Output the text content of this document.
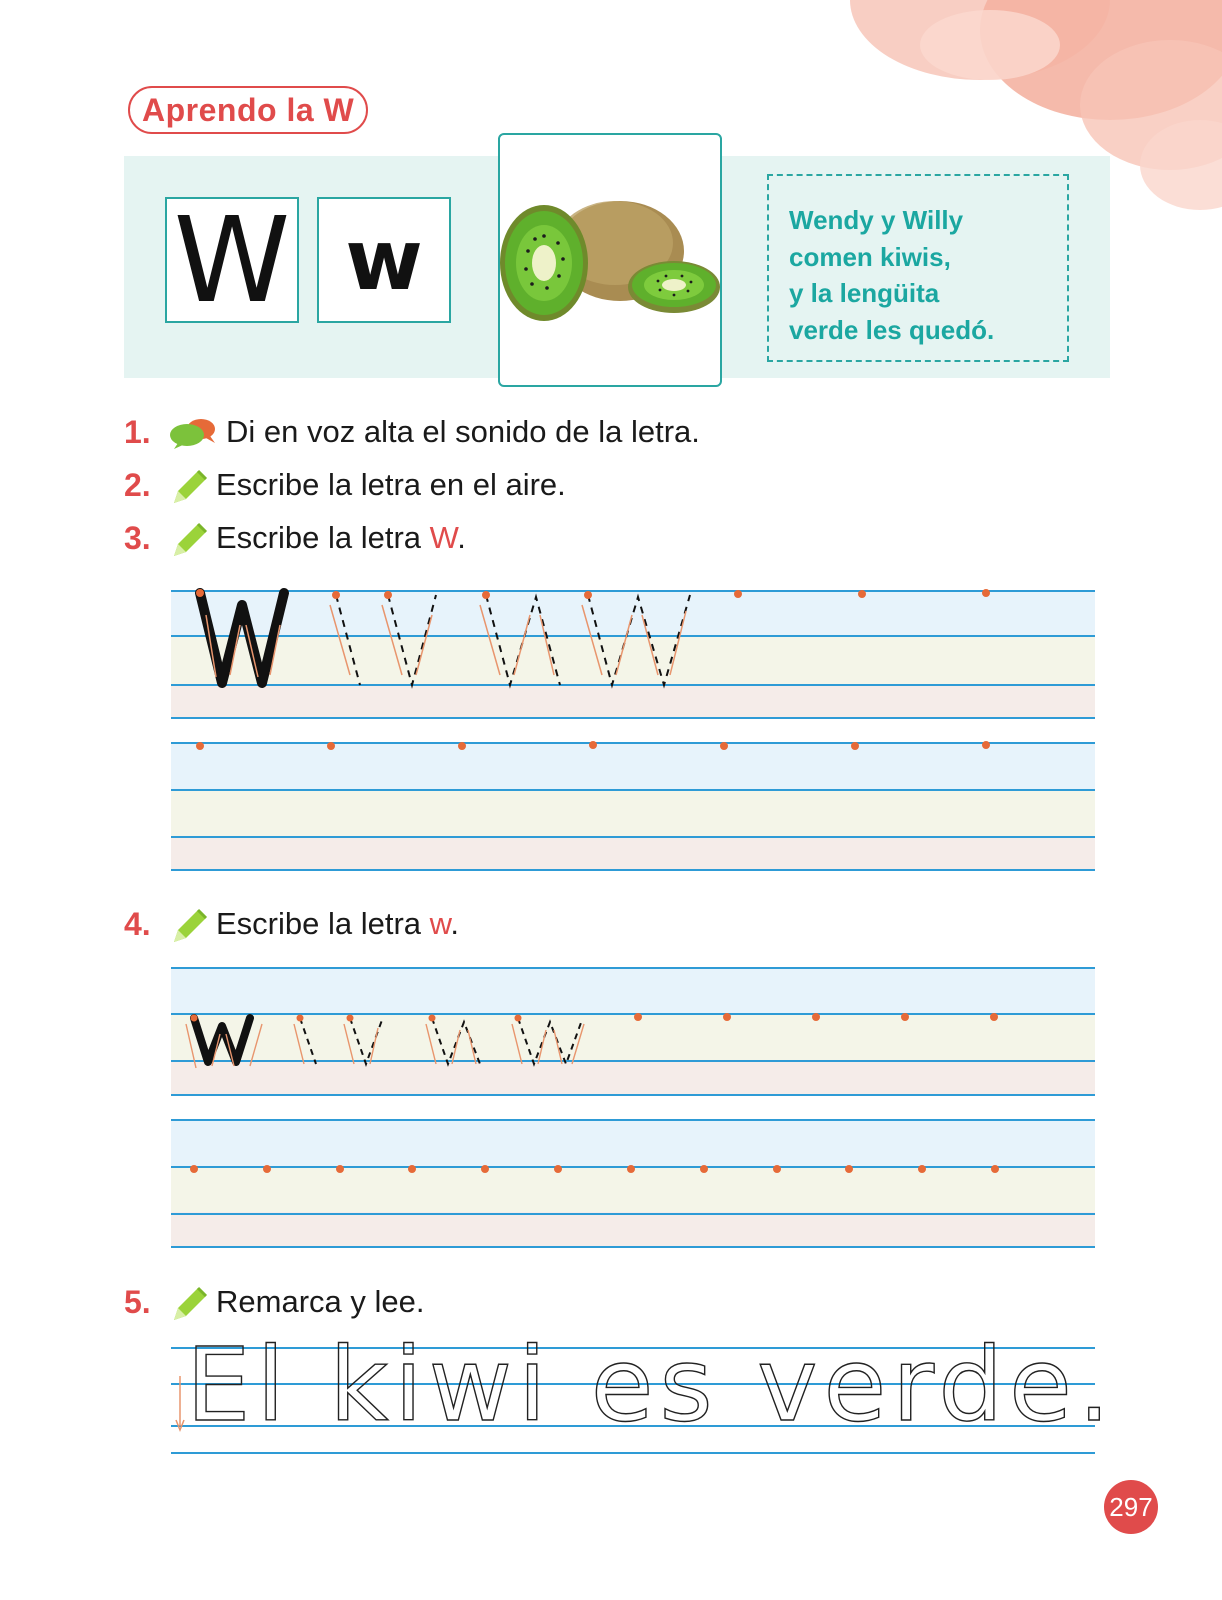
Aprendo la W
W w	Wendy y Willy
comen kiwis,
y la lengüita
verde les quedó.
1. Di en voz alta el sonido de la letra.
2. Escribe la letra en el aire.
3. Escribe la letra W.
4. Escribe la letra w.
5. Remarca y lee.
El kiwi es verde.
297
